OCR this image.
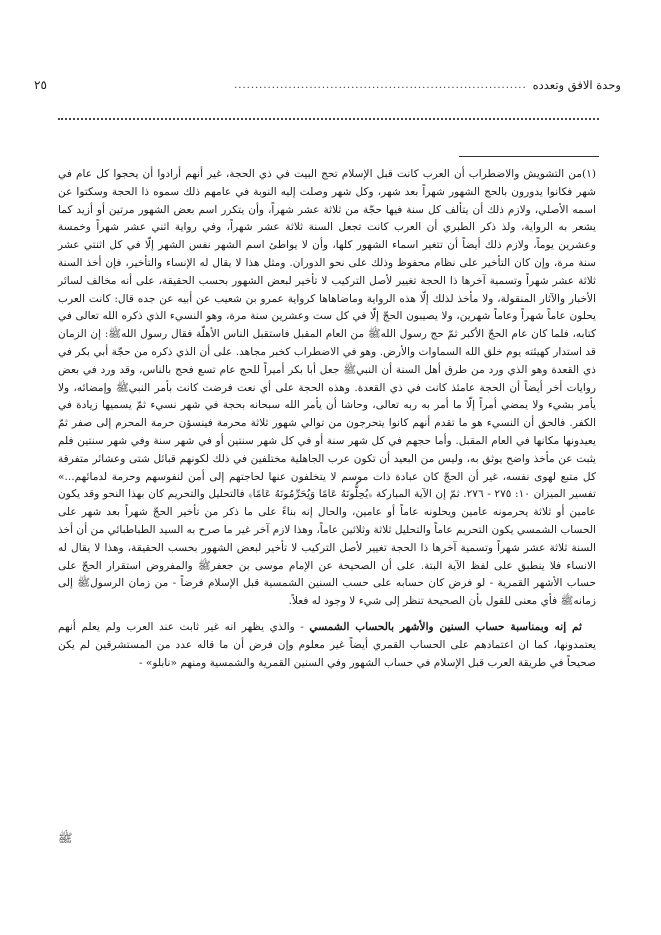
وحدة الافق وتعدده
......................................................................
٢٥

(١)من التشويش والاضطراب أن العرب كانت قبل الإسلام تحج البيت في ذي الحجة، غير أنهم أرادوا أن يحجوا كل عام في شهر فكانوا يدورون بالحج الشهور شهراً بعد شهر، وكل شهر وصلت إليه النوبة في عامهم ذلك سموه ذا الحجة وسكتوا عن اسمه الأصلي، ولازم ذلك أن يتألف كل سنة فيها حجّة من ثلاثة عشر شهراً، وأن يتكرر اسم بعض الشهور مرتين أو أزيد كما يشعر به الرواية، ولذ ذكر الطبري أن العرب كانت تجعل السنة ثلاثة عشر شهراً، وفي رواية اثني عشر شهراً وخمسة وعشرين يوماً، ولازم ذلك أيضاً أن تتغير اسماء الشهور كلها، وأن لا يواطئ اسم الشهر نفس الشهر إلّا في كل اثنتي عشر سنة مرة، وإن كان التأخير على نظام محفوظ وذلك على نحو الدوران. ومثل هذا لا يقال له الإنساء والتأخير، فإن أخذ السنة ثلاثة عشر شهراً وتسمية آخرها ذا الحجة تغيير لأصل التركيب لا تأخير لبعض الشهور بحسب الحقيقة، على أنه مخالف لسائر الأخبار والآثار المنقولة، ولا مأخذ لذلك إلّا هذه الرواية وماضاهاها كرواية عمرو بن شعيب عن أبيه عن جده قال: كانت العرب يحلون عاماً شهراً وعاماً شهرين، ولا يصيبون الحجّ إلّا في كل ست وعشرين سنة مرة، وهو النسيء الذي ذكره الله تعالى في كتابه، فلما كان عام الحجّ الأكبر ثمّ حج رسول اللهﷺ من العام المقبل فاستقبل الناس الأهلّة فقال رسول اللهﷺ: إن الزمان قد استدار كهيئته يوم خلق الله السماوات والأرض. وهو في الاضطراب كخبر مجاهد. على أن الذي ذكره من حجّة أبي بكر في ذي القعدة وهو الذي ورد من طرق أهل السنة أن النبيﷺ جعل أبا بكر أميراً للحج عام تسع فحج بالناس، وقد ورد في بعض روايات أخر أيضاً أن الحجة عامئذ كانت في ذي القعدة. وهذه الحجة على أي نعت فرضت كانت بأمر النبيﷺ وإمضائه، ولا يأمر بشيء ولا يمضي أمراً إلّا ما أمر به ربه تعالى، وحاشا أن يأمر الله سبحانه بحجة في شهر نسيء ثمّ يسميها زيادة في الكفر. فالحق أن النسيء هو ما تقدم أنهم كانوا يتحرجون من توالي شهور ثلاثة محرمة فينسؤن حرمة المحرم إلى صفر ثمّ يعيدونها مكانها في العام المقبل. وأما حجهم في كل شهر سنة أو في كل شهر سنتين أو في شهر سنة وفي شهر سنتين فلم يثبت عن مأخذ واضح يوثق به، وليس من البعيد أن تكون عرب الجاهلية مختلفين في ذلك لكونهم قبائل شتى وعشائر متفرقة كل متبع لهوى نفسه، غير أن الحجّ كان عبادة ذات موسم لا يتخلفون عنها لحاجتهم إلى أمن لنفوسهم وحرمة لدمائهم...» تفسير الميزان ١٠: ٢٧٥ - ٢٧٦. ثمّ إن الآية المباركة ﴿يُحِلُّونَهُ عَامًا وَيُحَرِّمُونَهُ عَامًا﴾ فالتحليل والتحريم كان بهذا النحو وقد يكون عامين أو ثلاثة يحرمونه عامين ويحلونه عاماً أو عامين، والحال إنه بناءً على ما ذكر من تأخير الحجّ شهراً بعد شهر على الحساب الشمسي يكون التحريم عاماً والتحليل ثلاثة وثلاثين عاماً، وهذا لازم آخر غير ما صرح به السيد الطباطبائي من أن أخذ السنة ثلاثة عشر شهراً وتسمية آخرها ذا الحجة تغيير لأصل التركيب لا تأخير لبعض الشهور بحسب الحقيقة، وهذا لا يقال له الانساء فلا ينطبق على لفظ الآية البتة. على أن الصحيحة عن الإمام موسى بن جعفرﷺ والمفروض استقرار الحجّ على حساب الأشهر القمرية - لو فرض كان حسابه على حسب السنين الشمسية قبل الإسلام فرضاً - من زمان الرسولﷺ إلى زمانهﷺ فأي معنى للقول بأن الصحيحة تنظر إلى شيء لا وجود له فعلاً.

ثم إنه وبمناسبة حساب السنين والأشهر بالحساب الشمسي - والذي يظهر انه غير ثابت عند العرب ولم يعلم أنهم يعتمدونها، كما ان اعتمادهم على الحساب القمري أيضاً غير معلوم وإن فرض أن ما قاله عدد من المستشرقين لم يكن صحيحاً في طريقة العرب قبل الإسلام في حساب الشهور وفي السنين القمرية والشمسية ومنهم «نابلو» -

ﷺ
